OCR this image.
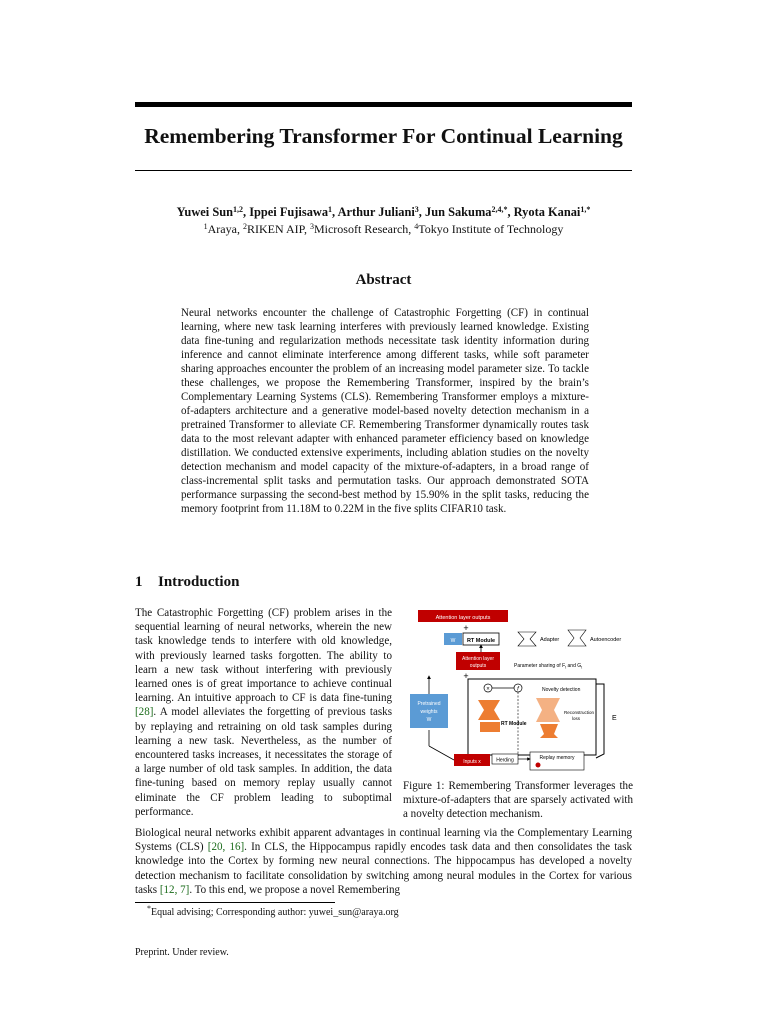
Remembering Transformer For Continual Learning
Yuwei Sun$^{1,2}$, Ippei Fujisawa$^1$, Arthur Juliani$^3$, Jun Sakuma$^{2,4,*}$, Ryota Kanai$^{1,*}$
$^1$Araya, $^2$RIKEN AIP, $^3$Microsoft Research, $^4$Tokyo Institute of Technology
Abstract
Neural networks encounter the challenge of Catastrophic Forgetting (CF) in continual learning, where new task learning interferes with previously learned knowledge. Existing data fine-tuning and regularization methods necessitate task identity information during inference and cannot eliminate interference among different tasks, while soft parameter sharing approaches encounter the problem of an increasing model parameter size. To tackle these challenges, we propose the Remembering Transformer, inspired by the brain’s Complementary Learning Systems (CLS). Remembering Transformer employs a mixture-of-adapters architecture and a generative model-based novelty detection mechanism in a pretrained Transformer to alleviate CF. Remembering Transformer dynamically routes task data to the most relevant adapter with enhanced parameter efficiency based on knowledge distillation. We conducted extensive experiments, including ablation studies on the novelty detection mechanism and model capacity of the mixture-of-adapters, in a broad range of class-incremental split tasks and permutation tasks. Our approach demonstrated SOTA performance surpassing the second-best method by 15.90% in the split tasks, reducing the memory footprint from 11.18M to 0.22M in the five splits CIFAR10 task.
1 Introduction
The Catastrophic Forgetting (CF) problem arises in the sequential learning of neural networks, wherein the new task knowledge tends to interfere with old knowledge, with previously learned tasks forgotten. The ability to learn a new task without interfering with previously learned ones is of great importance to achieve continual learning. An intuitive approach to CF is data fine-tuning [28]. A model alleviates the forgetting of previous tasks by replaying and retraining on old task samples during learning a new task. Nevertheless, as the number of encountered tasks increases, it necessitates the storage of a large number of old task samples. In addition, the data fine-tuning based on memory replay usually cannot eliminate the CF problem leading to suboptimal performance.
Attention layer outputs
+
W RT Module	Adapter	Autoencoder
Attention layer
outputs	Parameter sharing of $F_t$ and $G_t$
+
E
Pretrained
weights
W
×	f	Novelty detection
RT Module
Reconstruction
loss
Inputs x	Herding	Replay memory
Figure 1: Remembering Transformer leverages the mixture-of-adapters that are sparsely activated with a novelty detection mechanism.
Biological neural networks exhibit apparent advantages in continual learning via the Complementary Learning Systems (CLS) [20, 16]. In CLS, the Hippocampus rapidly encodes task data and then consolidates the task knowledge into the Cortex by forming new neural connections. The hippocampus has developed a novelty detection mechanism to facilitate consolidation by switching among neural modules in the Cortex for various tasks [12, 7]. To this end, we propose a novel Remembering
*Equal advising; Corresponding author: yuwei_sun@araya.org
Preprint. Under review.
